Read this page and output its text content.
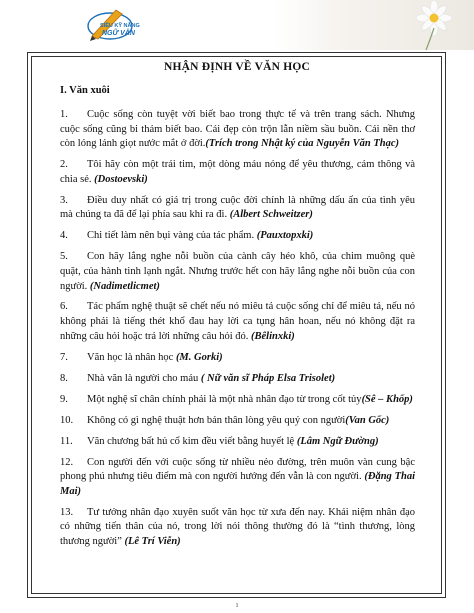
SIÊU KỸ NĂNG
NGỮ VĂN
NHẬN ĐỊNH VỀ VĂN HỌC
I. Văn xuôi

1. Cuộc sống còn tuyệt vời biết bao trong thực tế và trên trang sách. Nhưng cuộc sống cũng bi thảm biết bao. Cái đẹp còn trộn lẫn niềm sầu buồn. Cái nền thơ còn lóng lánh giọt nước mắt ở đời.(Trích trong Nhật ký của Nguyễn Văn Thạc)

2. Tôi hãy còn một trái tim, một dòng máu nóng để yêu thương, cảm thông và chia sẻ. (Dostoevski)

3. Điều duy nhất có giá trị trong cuộc đời chính là những dấu ấn của tình yêu mà chúng ta đã để lại phía sau khi ra đi. (Albert Schweitzer)

4. Chi tiết làm nên bụi vàng của tác phẩm. (Pauxtopxki)

5. Con hãy lắng nghe nỗi buồn của cành cây héo khô, của chim muông què quặt, của hành tinh lạnh ngắt. Nhưng trước hết con hãy lắng nghe nỗi buồn của con người. (Nadimetlicmet)

6. Tác phẩm nghệ thuật sẽ chết nếu nó miêu tả cuộc sống chỉ để miêu tả, nếu nó không phải là tiếng thét khổ đau hay lời ca tụng hân hoan, nếu nó không đặt ra những câu hỏi hoặc trả lời những câu hỏi đó. (Bêlinxki)

7. Văn học là nhân học (M. Gorki)

8. Nhà văn là người cho máu ( Nữ văn sĩ Pháp Elsa Trisolet)

9. Một nghệ sĩ chân chính phải là một nhà nhân đạo từ trong cốt tủy(Sê – Khốp)

10. Không có gì nghệ thuật hơn bản thân lòng yêu quý con người(Van Gốc)

11. Văn chương bất hủ cổ kim đều viết bằng huyết lệ (Lâm Ngữ Đường)

12. Con người đến với cuộc sống từ nhiều nẻo đường, trên muôn vàn cung bậc phong phú nhưng tiêu điểm mà con người hướng đến vẫn là con người. (Đặng Thai Mai)

13. Tư tưởng nhân đạo xuyên suốt văn học từ xưa đến nay. Khái niệm nhân đạo có những tiến thân của nó, trong lời nói thông thường đó là “tình thương, lòng thương người” (Lê Trí Viễn)

1
